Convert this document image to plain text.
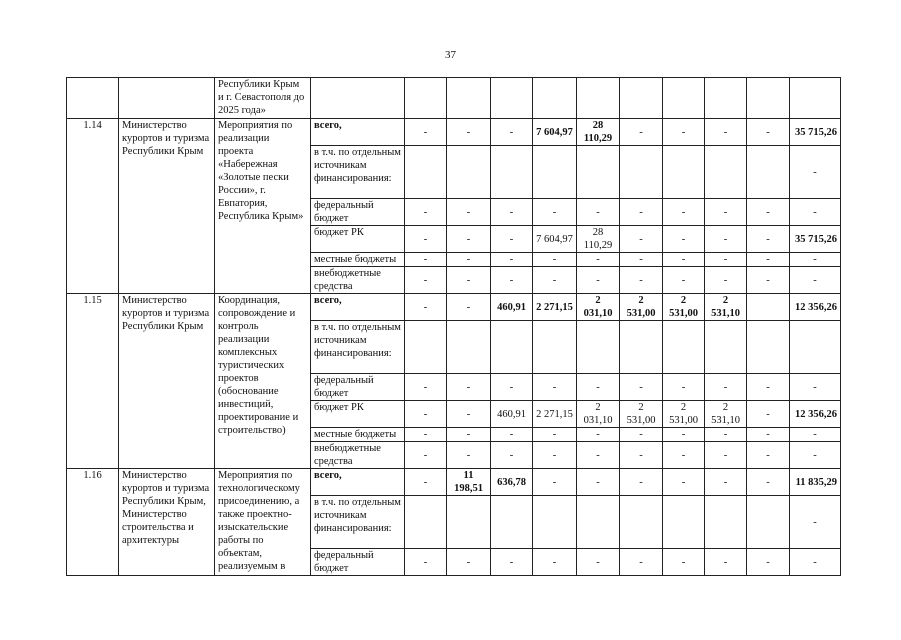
37
		Республики Крым и г. Севастополя до 2025 года»											
1.14	Министерство курортов и туризма Республики Крым	Мероприятия по реализации проекта «Набережная «Золотые пески России», г. Евпатория, Республика Крым»	всего,	-	-	-	7 604,97	28 110,29	-	-	-	-	35 715,26
			в т.ч. по отдельным источникам финансирования:										-
			федеральный бюджет	-	-	-	-	-	-	-	-	-	-
			бюджет РК	-	-	-	7 604,97	28 110,29	-	-	-	-	35 715,26
			местные бюджеты	-	-	-	-	-	-	-	-	-	-
			внебюджетные средства	-	-	-	-	-	-	-	-	-	-
1.15	Министерство курортов и туризма Республики Крым	Координация, сопровождение и контроль реализации комплексных туристических проектов (обоснование инвестиций, проектирование и строительство)	всего,	-	-	460,91	2 271,15	2 031,10	2 531,00	2 531,00	2 531,10		12 356,26
			в т.ч. по отдельным источникам финансирования:										
			федеральный бюджет	-	-	-	-	-	-	-	-	-	-
			бюджет РК	-	-	460,91	2 271,15	2 031,10	2 531,00	2 531,00	2 531,10	-	12 356,26
			местные бюджеты	-	-	-	-	-	-	-	-	-	-
			внебюджетные средства	-	-	-	-	-	-	-	-	-	-
1.16	Министерство курортов и туризма Республики Крым, Министерство строительства и архитектуры	Мероприятия по технологическому присоединению, а также проектно-изыскательские работы по объектам, реализуемым в	всего,	-	11 198,51	636,78	-	-	-	-	-	-	11 835,29
			в т.ч. по отдельным источникам финансирования:										-
			федеральный бюджет	-	-	-	-	-	-	-	-	-	-
